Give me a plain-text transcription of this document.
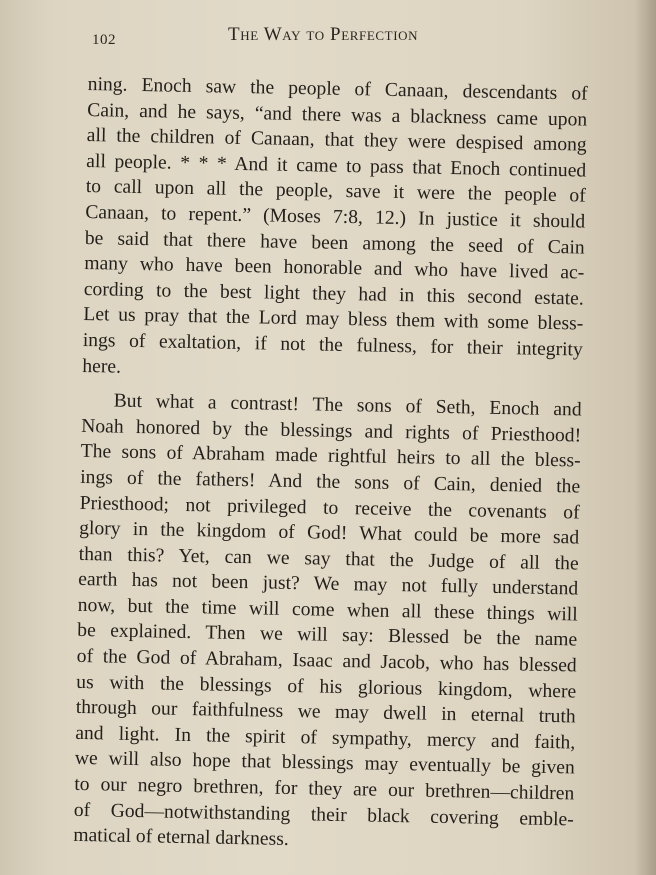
102	The Way to Perfection

ning. Enoch saw the people of Canaan, descendants of
Cain, and he says, “and there was a blackness came upon
all the children of Canaan, that they were despised among
all people. * * * And it came to pass that Enoch continued
to call upon all the people, save it were the people of
Canaan, to repent.” (Moses 7:8, 12.) In justice it should
be said that there have been among the seed of Cain
many who have been honorable and who have lived ac-
cording to the best light they had in this second estate.
Let us pray that the Lord may bless them with some bless-
ings of exaltation, if not the fulness, for their integrity
here.

But what a contrast! The sons of Seth, Enoch and
Noah honored by the blessings and rights of Priesthood!
The sons of Abraham made rightful heirs to all the bless-
ings of the fathers! And the sons of Cain, denied the
Priesthood; not privileged to receive the covenants of
glory in the kingdom of God! What could be more sad
than this? Yet, can we say that the Judge of all the
earth has not been just? We may not fully understand
now, but the time will come when all these things will
be explained. Then we will say: Blessed be the name
of the God of Abraham, Isaac and Jacob, who has blessed
us with the blessings of his glorious kingdom, where
through our faithfulness we may dwell in eternal truth
and light. In the spirit of sympathy, mercy and faith,
we will also hope that blessings may eventually be given
to our negro brethren, for they are our brethren—children
of God—notwithstanding their black covering emble-
matical of eternal darkness.
